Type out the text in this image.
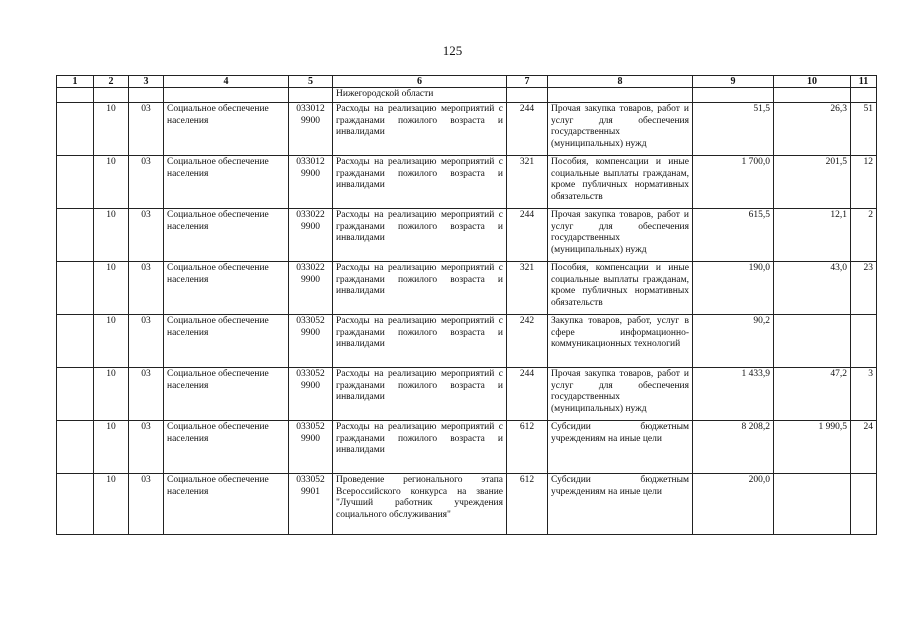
125
1	2	3	4	5	6	7	8	9	10	11
					Нижегородской области					
	10	03	Социальное обеспечение населения	033012 9900	Расходы на реализацию мероприятий с гражданами пожилого возраста и инвалидами	244	Прочая закупка товаров, работ и услуг для обеспечения государственных (муниципальных) нужд	51,5	26,3	51
	10	03	Социальное обеспечение населения	033012 9900	Расходы на реализацию мероприятий с гражданами пожилого возраста и инвалидами	321	Пособия, компенсации и иные социальные выплаты гражданам, кроме публичных нормативных обязательств	1 700,0	201,5	12
	10	03	Социальное обеспечение населения	033022 9900	Расходы на реализацию мероприятий с гражданами пожилого возраста и инвалидами	244	Прочая закупка товаров, работ и услуг для обеспечения государственных (муниципальных) нужд	615,5	12,1	2
	10	03	Социальное обеспечение населения	033022 9900	Расходы на реализацию мероприятий с гражданами пожилого возраста и инвалидами	321	Пособия, компенсации и иные социальные выплаты гражданам, кроме публичных нормативных обязательств	190,0	43,0	23
	10	03	Социальное обеспечение населения	033052 9900	Расходы на реализацию мероприятий с гражданами пожилого возраста и инвалидами	242	Закупка товаров, работ, услуг в сфере информационно-коммуникационных технологий	90,2		
	10	03	Социальное обеспечение населения	033052 9900	Расходы на реализацию мероприятий с гражданами пожилого возраста и инвалидами	244	Прочая закупка товаров, работ и услуг для обеспечения государственных (муниципальных) нужд	1 433,9	47,2	3
	10	03	Социальное обеспечение населения	033052 9900	Расходы на реализацию мероприятий с гражданами пожилого возраста и инвалидами	612	Субсидии бюджетным учреждениям на иные цели	8 208,2	1 990,5	24
	10	03	Социальное обеспечение населения	033052 9901	Проведение регионального этапа Всероссийского конкурса на звание "Лучший работник учреждения социального обслуживания"	612	Субсидии бюджетным учреждениям на иные цели	200,0		
